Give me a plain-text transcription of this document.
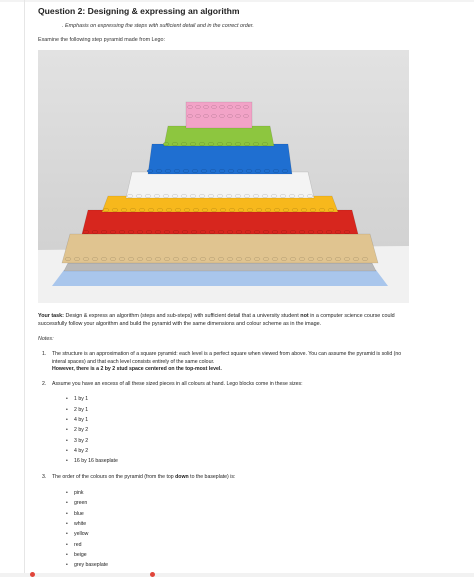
Question 2: Designing & expressing an algorithm
. Emphasis on expressing the steps with sufficient detail and in the correct order.
Examine the following step pyramid made from Lego:
Your task: Design & express an algorithm (steps and sub-steps) with sufficient detail that a university student not in a computer science course could successfully follow your algorithm and build the pyramid with the same dimensions and colour scheme as in the image.
Notes:
1. The structure is an approximation of a square pyramid: each level is a perfect square when viewed from above. You can assume the pyramid is solid (no interal spaces) and that each level consists entirely of the same colour.
However, there is a 2 by 2 stud space centered on the top-most level.
2. Assume you have an excess of all these sized pieces in all colours at hand. Lego blocks come in these sizes:
• 1 by 1
• 2 by 1
• 4 by 1
• 2 by 2
• 3 by 2
• 4 by 2
• 16 by 16 baseplate
3. The order of the colours on the pyramid (from the top down to the baseplate) is:
• pink
• green
• blue
• white
• yellow
• red
• beige
• grey baseplate
